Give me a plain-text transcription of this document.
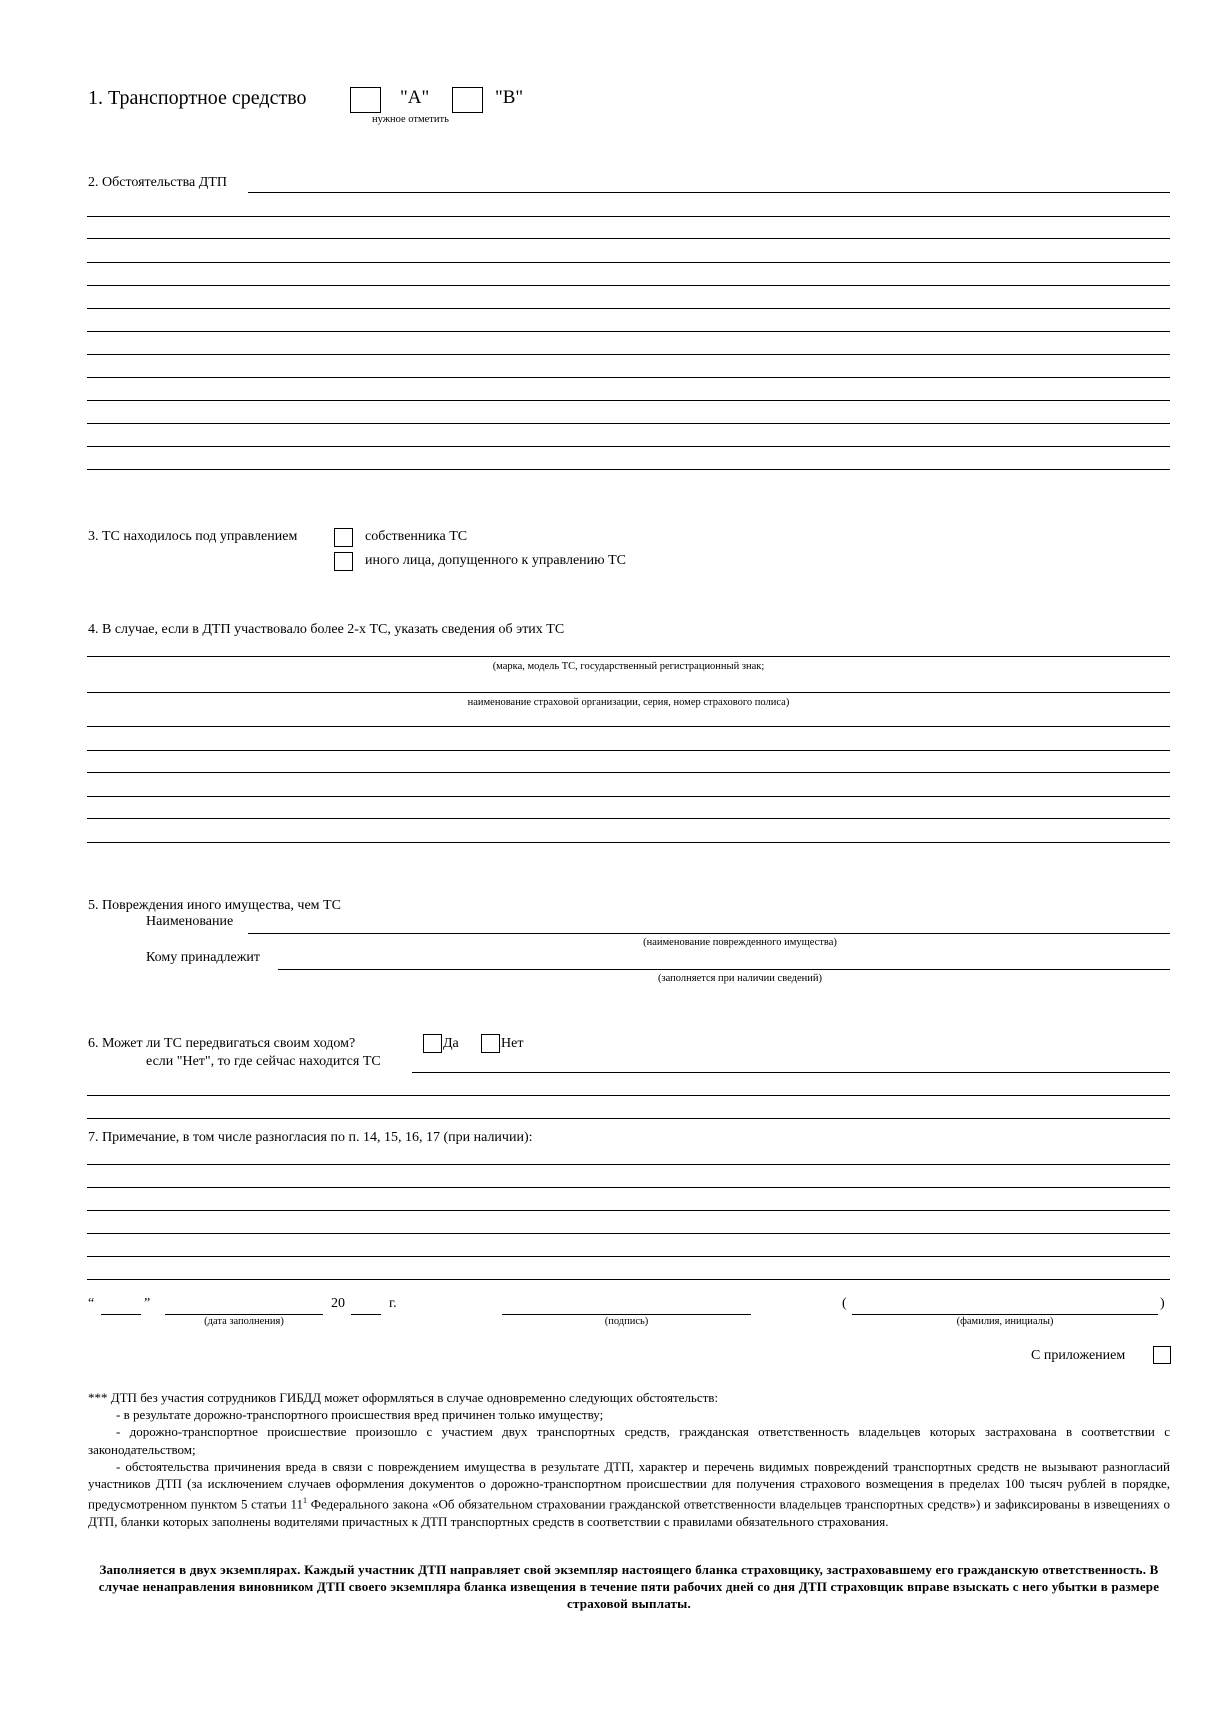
1. Транспортное средство	"А"	"В"
нужное отметить
2. Обстоятельства ДТП
3. ТС находилось под управлением	собственника ТС
иного лица, допущенного к управлению ТС
4. В случае, если в ДТП участвовало более 2-х ТС, указать сведения об этих ТС
(марка, модель ТС, государственный регистрационный знак;
наименование страховой организации, серия, номер страхового полиса)
5. Повреждения иного имущества, чем ТС
Наименование
(наименование поврежденного имущества)
Кому принадлежит
(заполняется при наличии сведений)
6. Может ли ТС передвигаться своим ходом?	Да	Нет
если "Нет", то где сейчас находится ТС
7. Примечание, в том числе разногласия по п. 14, 15, 16, 17 (при наличии):
“	”
(дата заполнения)
20	г.
(подпись)
(
(фамилия, инициалы)
)
С приложением

*** ДТП без участия сотрудников ГИБДД может оформляться в случае одновременно следующих обстоятельств:

- в результате дорожно-транспортного происшествия вред причинен только имуществу;

- дорожно-транспортное происшествие произошло с участием двух транспортных средств, гражданская ответственность владельцев которых застрахована в соответствии с законодательством;

- обстоятельства причинения вреда в связи с повреждением имущества в результате ДТП, характер и перечень видимых повреждений транспортных средств не вызывают разногласий участников ДТП (за исключением случаев оформления документов о дорожно-транспортном происшествии для получения страхового возмещения в пределах 100 тысяч рублей в порядке, предусмотренном пунктом 5 статьи $11^1$ Федерального закона «Об обязательном страховании гражданской ответственности владельцев транспортных средств») и зафиксированы в извещениях о ДТП, бланки которых заполнены водителями причастных к ДТП транспортных средств в соответствии с правилами обязательного страхования.

Заполняется в двух экземплярах. Каждый участник ДТП направляет свой экземпляр настоящего бланка страховщику, застраховавшему его гражданскую ответственность. В случае ненаправления виновником ДТП своего экземпляра бланка извещения в течение пяти рабочих дней со дня ДТП страховщик вправе взыскать с него убытки в размере страховой выплаты.
